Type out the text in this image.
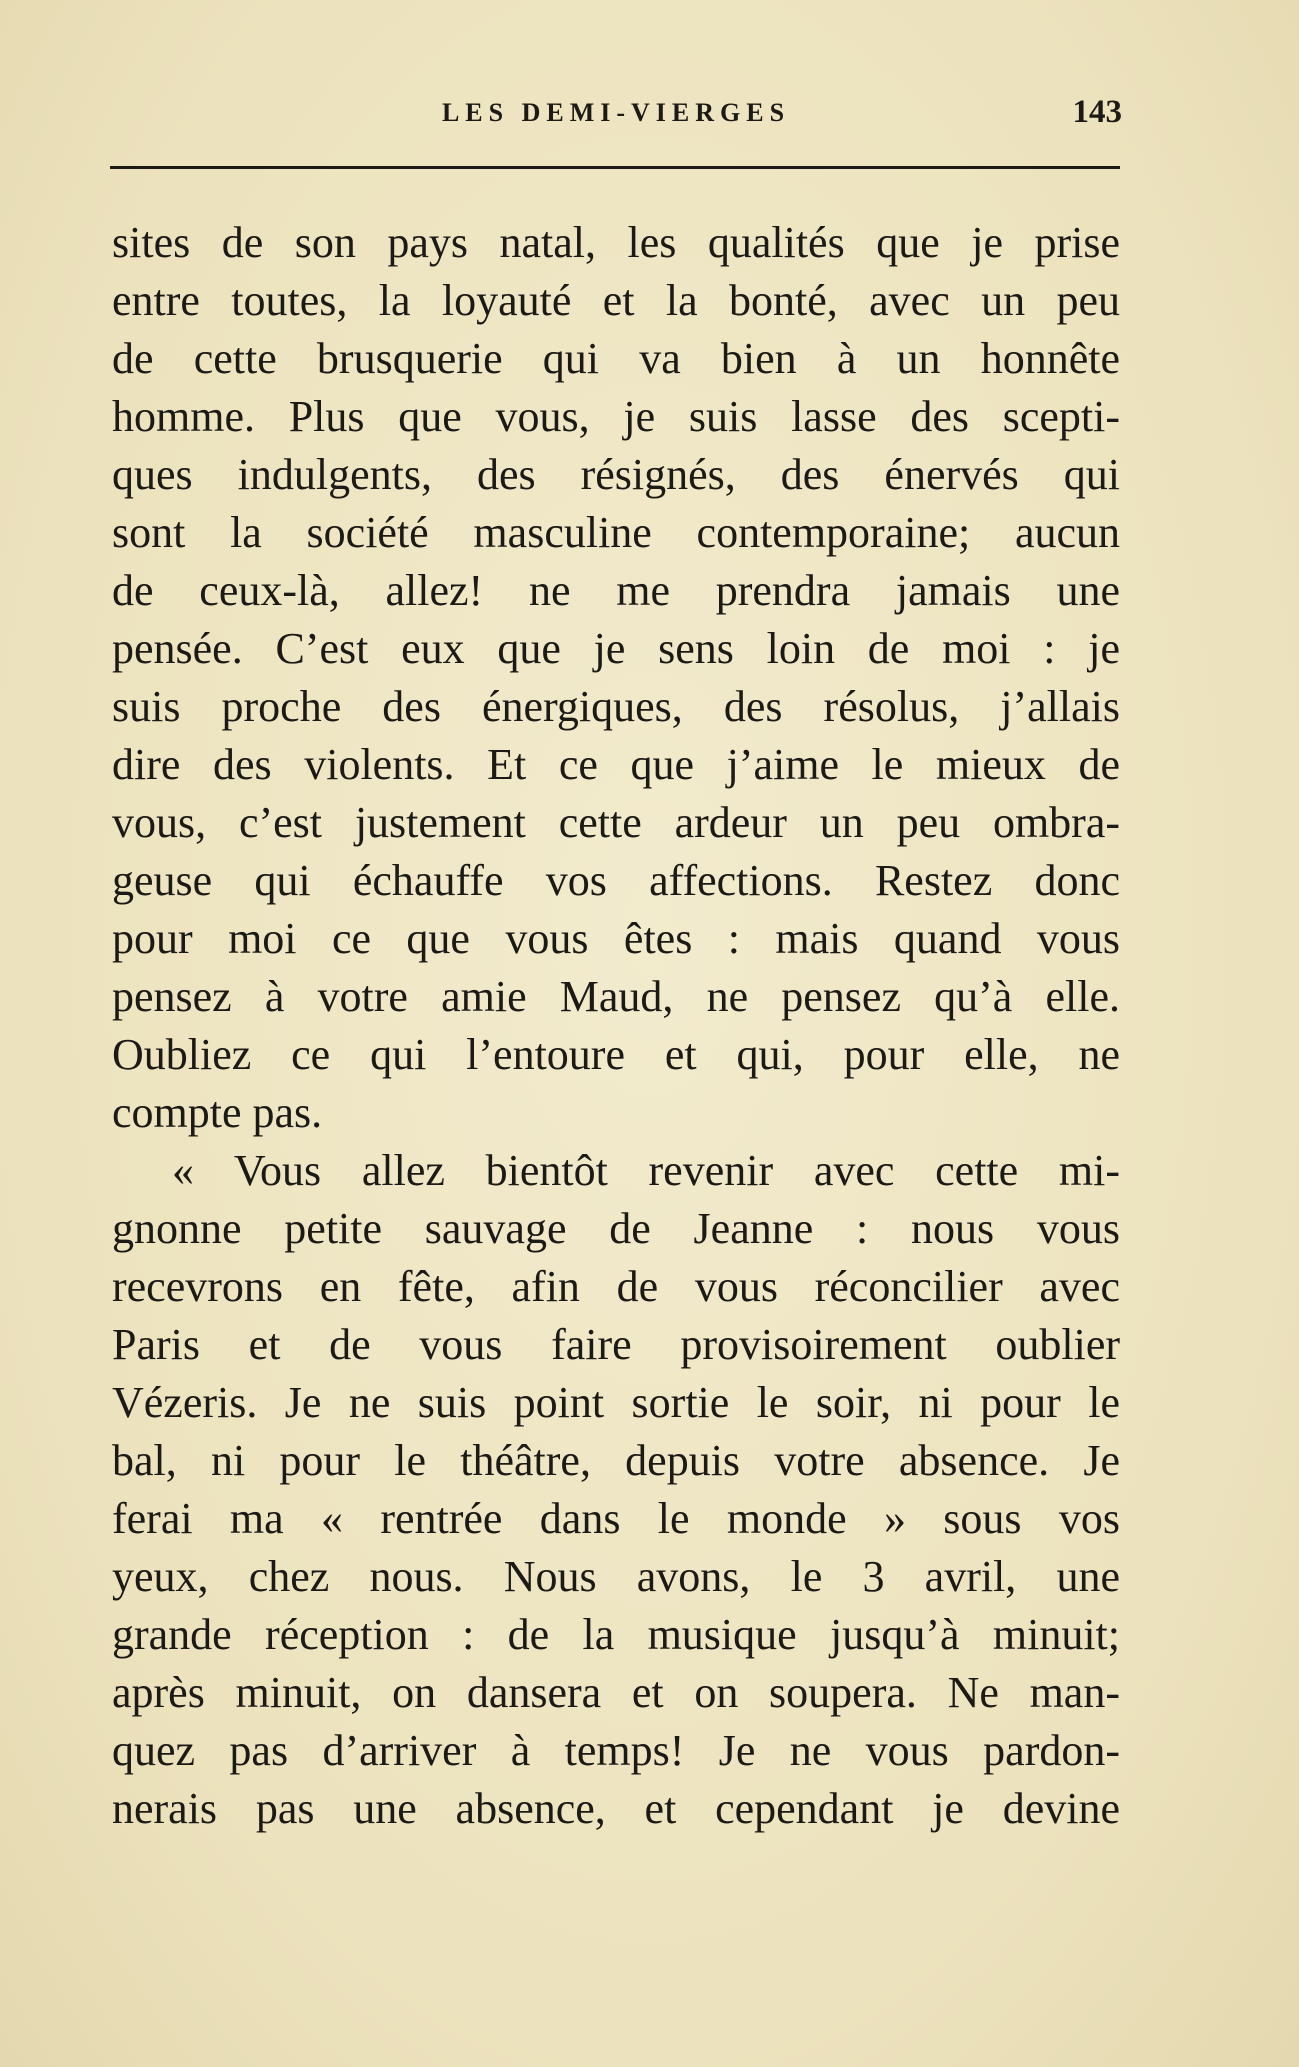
LES DEMI-VIERGES	143
sites de son pays natal, les qualités que je prise
entre toutes, la loyauté et la bonté, avec un peu
de cette brusquerie qui va bien à un honnête
homme. Plus que vous, je suis lasse des scepti-
ques indulgents, des résignés, des énervés qui
sont la société masculine contemporaine; aucun
de ceux-là, allez! ne me prendra jamais une
pensée. C’est eux que je sens loin de moi : je
suis proche des énergiques, des résolus, j’allais
dire des violents. Et ce que j’aime le mieux de
vous, c’est justement cette ardeur un peu ombra-
geuse qui échauffe vos affections. Restez donc
pour moi ce que vous êtes : mais quand vous
pensez à votre amie Maud, ne pensez qu’à elle.
Oubliez ce qui l’entoure et qui, pour elle, ne
compte pas.
« Vous allez bientôt revenir avec cette mi-
gnonne petite sauvage de Jeanne : nous vous
recevrons en fête, afin de vous réconcilier avec
Paris et de vous faire provisoirement oublier
Vézeris. Je ne suis point sortie le soir, ni pour le
bal, ni pour le théâtre, depuis votre absence. Je
ferai ma « rentrée dans le monde » sous vos
yeux, chez nous. Nous avons, le 3 avril, une
grande réception : de la musique jusqu’à minuit;
après minuit, on dansera et on soupera. Ne man-
quez pas d’arriver à temps! Je ne vous pardon-
nerais pas une absence, et cependant je devine
